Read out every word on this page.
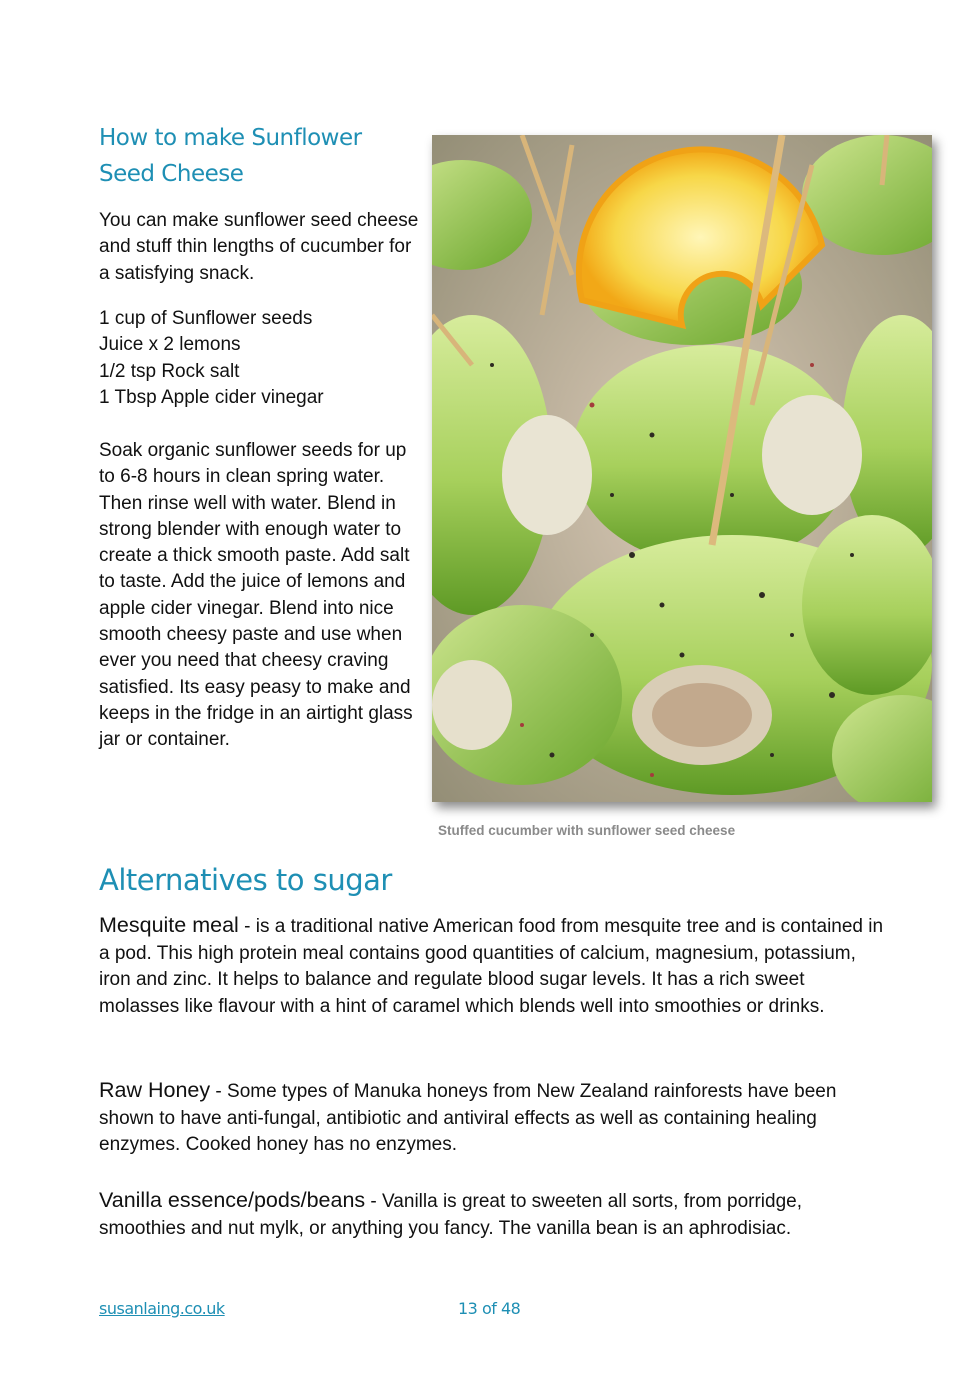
How to make Sunflower Seed Cheese

You can make sunflower seed cheese and stuff thin lengths of cucumber for a satisfying snack.

1 cup of Sunflower seeds
Juice x 2 lemons
1/2 tsp Rock salt
1 Tbsp Apple cider vinegar

Soak organic sunflower seeds for up to 6-8 hours in clean spring water. Then rinse well with water. Blend in strong blender with enough water to create a thick smooth paste. Add salt to taste. Add the juice of lemons and apple cider vinegar. Blend into nice smooth cheesy paste and use when ever you need that cheesy craving satisfied. Its easy peasy to make and keeps in the fridge in an airtight glass jar or container.

Stuffed cucumber with sunflower seed cheese
Alternatives to sugar

Mesquite meal - is a traditional native American food from mesquite tree and is contained in a pod. This high protein meal contains good quantities of calcium, magnesium, potassium, iron and zinc. It helps to balance and regulate blood sugar levels. It has a rich sweet molasses like flavour with a hint of caramel which blends well into smoothies or drinks.

Raw Honey - Some types of Manuka honeys from New Zealand rainforests have been shown to have anti-fungal, antibiotic and antiviral effects as well as containing healing enzymes. Cooked honey has no enzymes.

Vanilla essence/pods/beans - Vanilla is great to sweeten all sorts, from porridge, smoothies and nut mylk, or anything you fancy. The vanilla bean is an aphrodisiac.

susanlaing.co.uk	13 of 48
